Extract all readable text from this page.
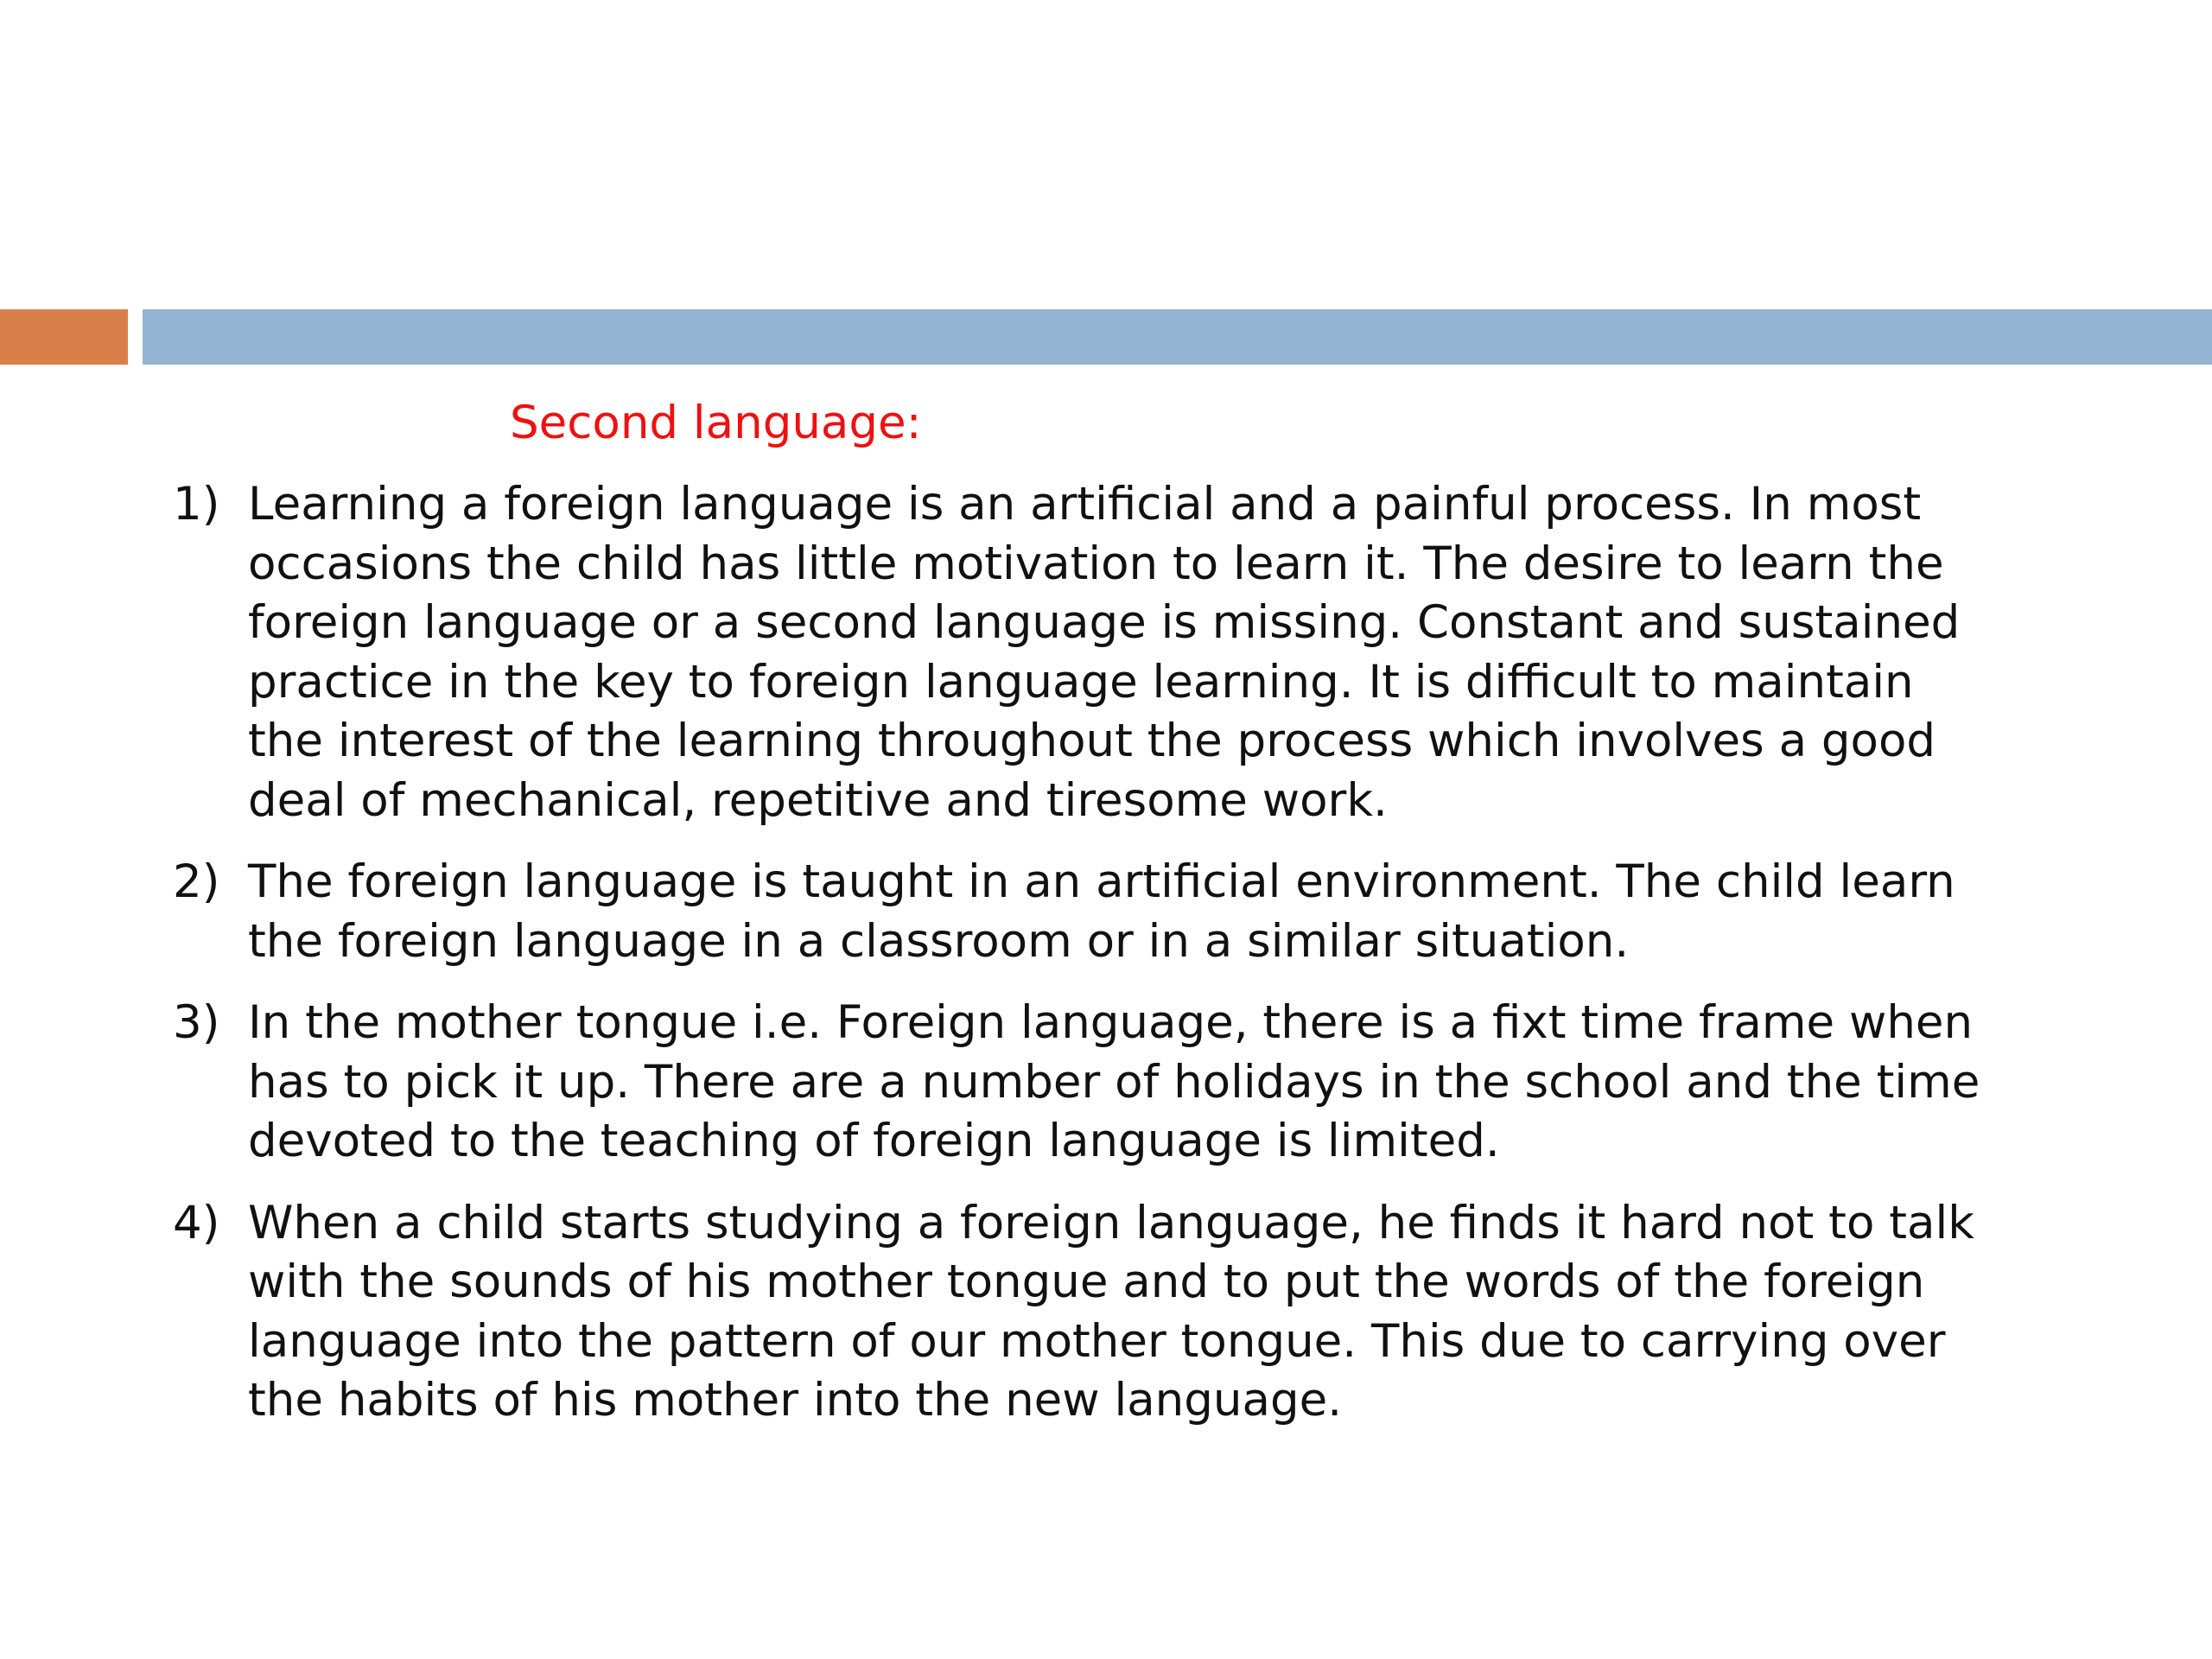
Second language:
1) Learning a foreign language is an artificial and a painful process. In most
occasions the child has little motivation to learn it. The desire to learn the
foreign language or a second language is missing. Constant and sustained
practice in the key to foreign language learning. It is difficult to maintain
the interest of the learning throughout the process which involves a good
deal of mechanical, repetitive and tiresome work.
2) The foreign language is taught in an artificial environment. The child learn
the foreign language in a classroom or in a similar situation.
3) In the mother tongue i.e. Foreign language, there is a fixt time frame when
has to pick it up. There are a number of holidays in the school and the time
devoted to the teaching of foreign language is limited.
4) When a child starts studying a foreign language, he finds it hard not to talk
with the sounds of his mother tongue and to put the words of the foreign
language into the pattern of our mother tongue. This due to carrying over
the habits of his mother into the new language.
